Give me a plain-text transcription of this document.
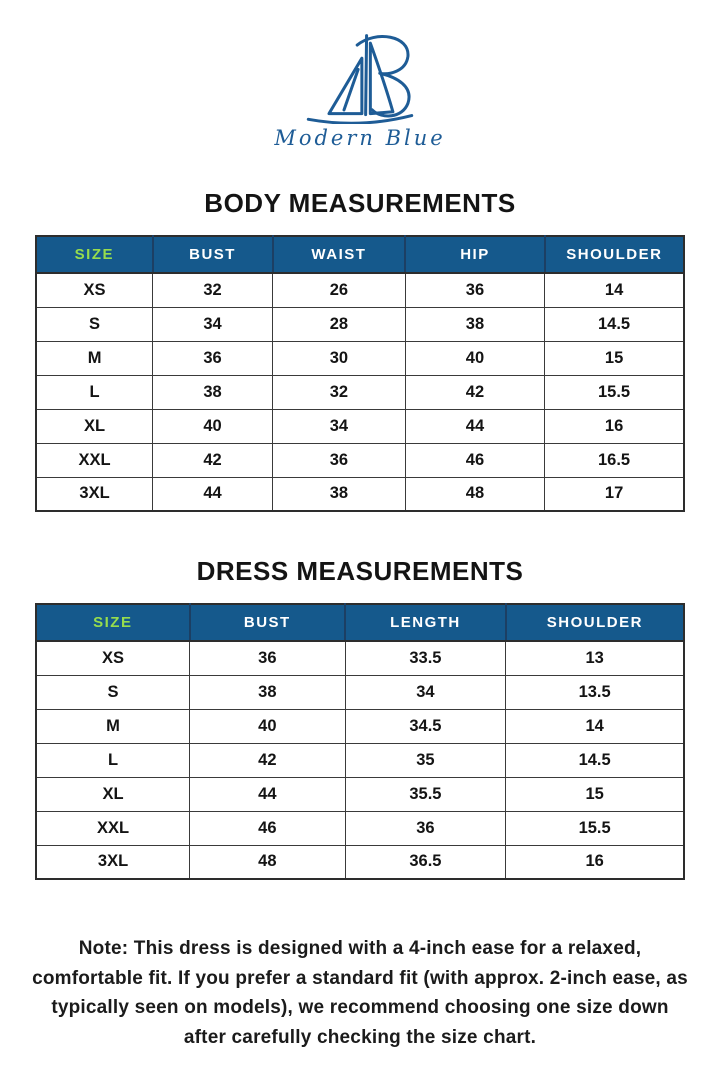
Modern Blue
BODY MEASUREMENTS
SIZE	BUST	WAIST	HIP	SHOULDER
XS	32	26	36	14
S	34	28	38	14.5
M	36	30	40	15
L	38	32	42	15.5
XL	40	34	44	16
XXL	42	36	46	16.5
3XL	44	38	48	17
DRESS MEASUREMENTS
SIZE	BUST	LENGTH	SHOULDER
XS	36	33.5	13
S	38	34	13.5
M	40	34.5	14
L	42	35	14.5
XL	44	35.5	15
XXL	46	36	15.5
3XL	48	36.5	16

Note: This dress is designed with a 4-inch ease for a relaxed, comfortable fit. If you prefer a standard fit (with approx. 2-inch ease, as typically seen on models), we recommend choosing one size down after carefully checking the size chart.
